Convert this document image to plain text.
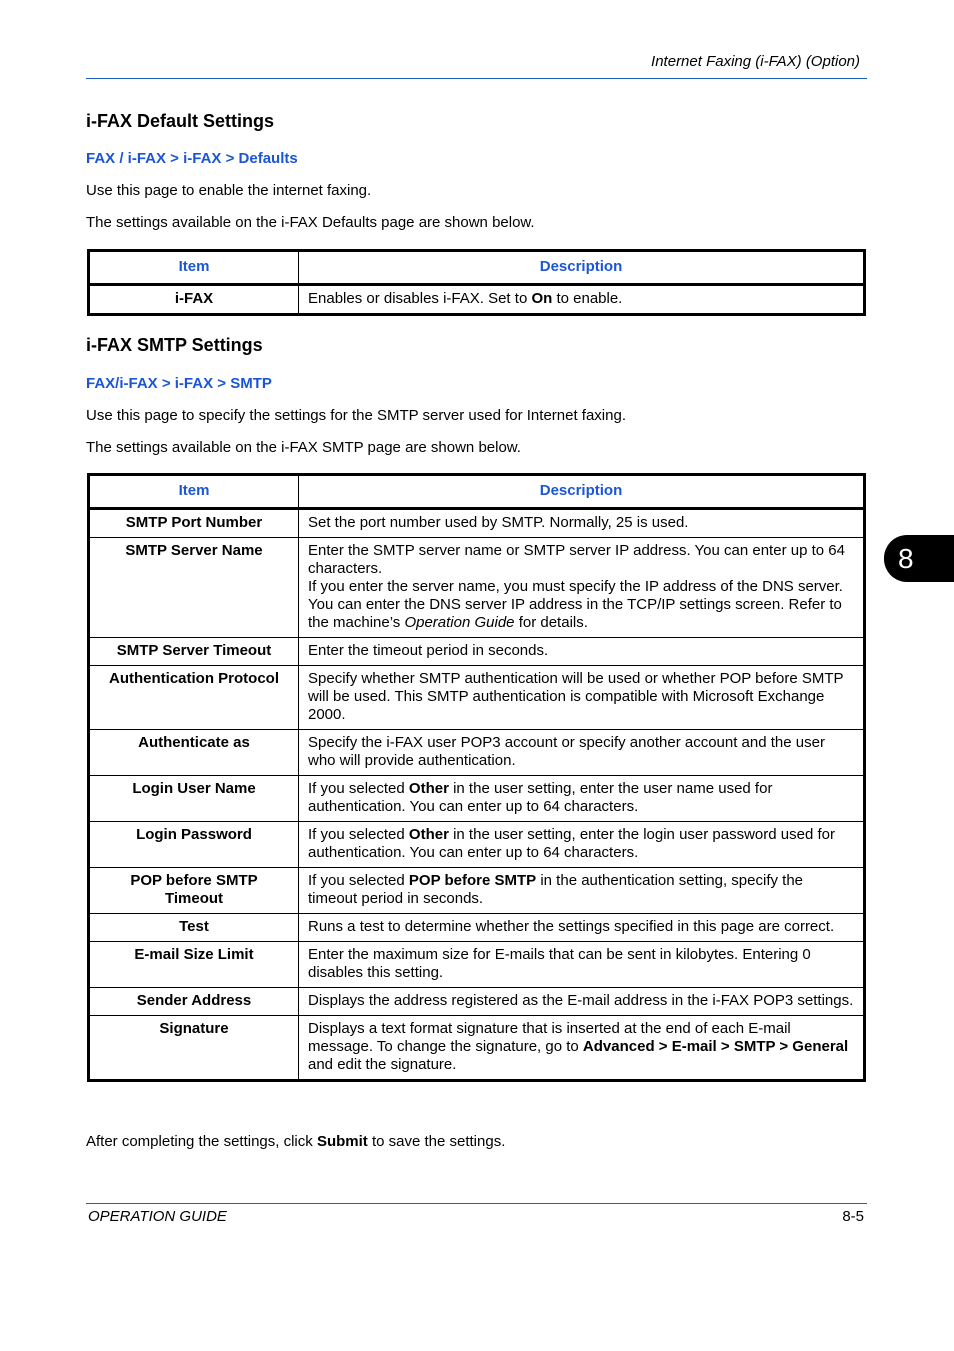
Internet Faxing (i-FAX) (Option)
i-FAX Default Settings
FAX / i-FAX > i-FAX > Defaults

Use this page to enable the internet faxing.

The settings available on the i-FAX Defaults page are shown below.

Item	Description
i-FAX	Enables or disables i-FAX. Set to On to enable.
i-FAX SMTP Settings
FAX/i-FAX > i-FAX > SMTP

Use this page to specify the settings for the SMTP server used for Internet faxing.

The settings available on the i-FAX SMTP page are shown below.

Item	Description
SMTP Port Number	Set the port number used by SMTP. Normally, 25 is used.
SMTP Server Name	Enter the SMTP server name or SMTP server IP address. You can enter up to 64 characters.
If you enter the server name, you must specify the IP address of the DNS server. You can enter the DNS server IP address in the TCP/IP settings screen. Refer to the machine’s Operation Guide for details.
SMTP Server Timeout	Enter the timeout period in seconds.
Authentication Protocol	Specify whether SMTP authentication will be used or whether POP before SMTP will be used. This SMTP authentication is compatible with Microsoft Exchange 2000.
Authenticate as	Specify the i-FAX user POP3 account or specify another account and the user who will provide authentication.
Login User Name	If you selected Other in the user setting, enter the user name used for authentication. You can enter up to 64 characters.
Login Password	If you selected Other in the user setting, enter the login user password used for authentication. You can enter up to 64 characters.
POP before SMTP
Timeout	If you selected POP before SMTP in the authentication setting, specify the timeout period in seconds.
Test	Runs a test to determine whether the settings specified in this page are correct.
E-mail Size Limit	Enter the maximum size for E-mails that can be sent in kilobytes. Entering 0 disables this setting.
Sender Address	Displays the address registered as the E-mail address in the i-FAX POP3 settings.
Signature	Displays a text format signature that is inserted at the end of each E-mail message. To change the signature, go to Advanced > E-mail > SMTP > General and edit the signature.

After completing the settings, click Submit to save the settings.

8
OPERATION GUIDE	8-5
